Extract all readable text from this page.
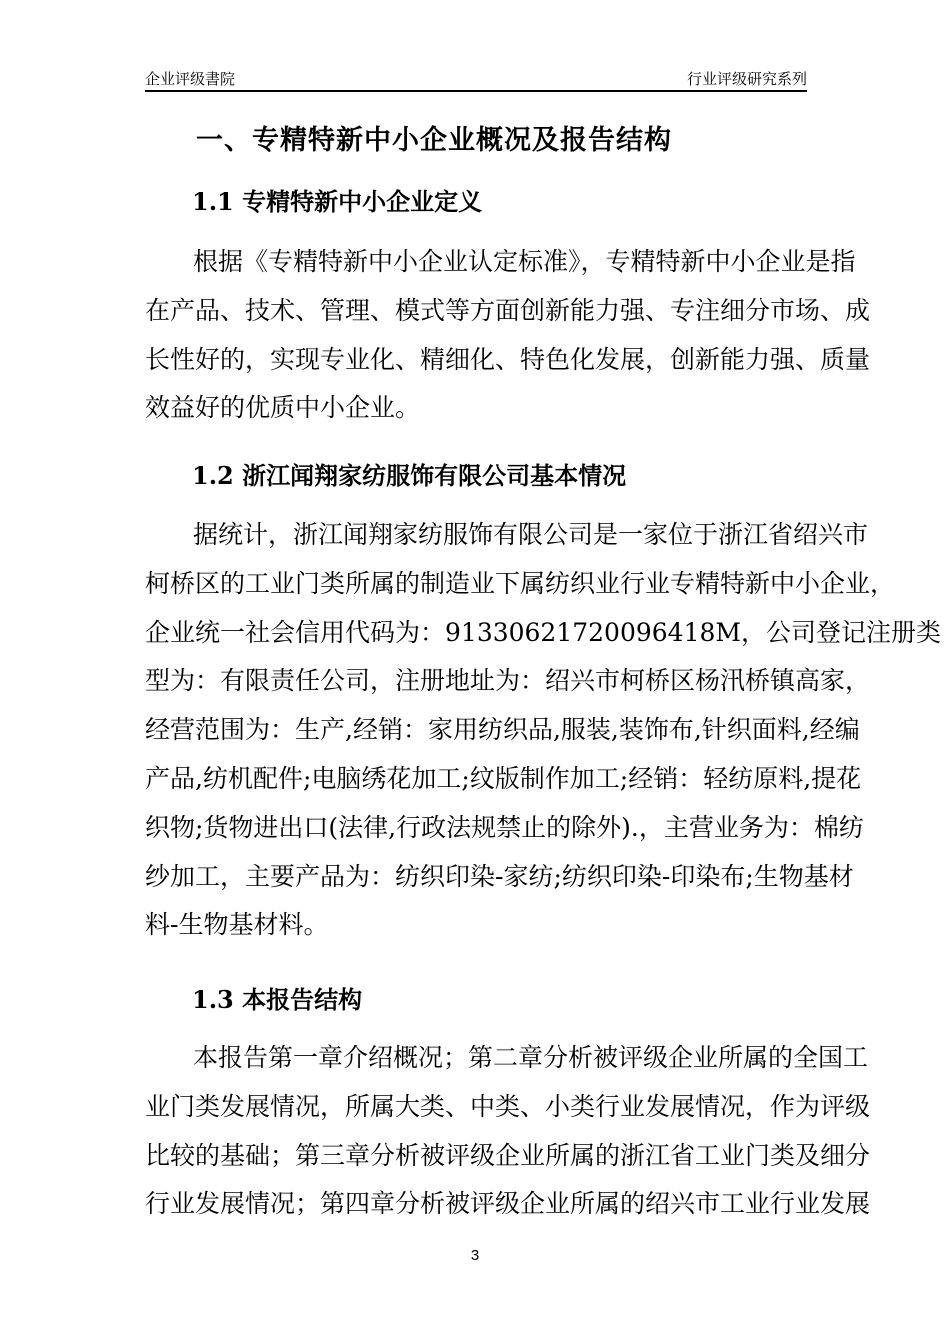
企业评级書院	行业评级研究系列
一、专精特新中小企业概况及报告结构
1.1 专精特新中小企业定义
根据《专精特新中小企业认定标准》，专精特新中小企业是指
在产品、技术、管理、模式等方面创新能力强、专注细分市场、成
长性好的，实现专业化、精细化、特色化发展，创新能力强、质量
效益好的优质中小企业。
1.2 浙江闻翔家纺服饰有限公司基本情况
据统计，浙江闻翔家纺服饰有限公司是一家位于浙江省绍兴市
柯桥区的工业门类所属的制造业下属纺织业行业专精特新中小企业，
企业统一社会信用代码为：91330621720096418M，公司登记注册类
型为：有限责任公司，注册地址为：绍兴市柯桥区杨汛桥镇高家，
经营范围为：生产,经销：家用纺织品,服装,装饰布,针织面料,经编
产品,纺机配件;电脑绣花加工;纹版制作加工;经销：轻纺原料,提花
织物;货物进出口(法律,行政法规禁止的除外).，主营业务为：棉纺
纱加工，主要产品为：纺织印染-家纺;纺织印染-印染布;生物基材
料-生物基材料。
1.3 本报告结构
本报告第一章介绍概况；第二章分析被评级企业所属的全国工
业门类发展情况，所属大类、中类、小类行业发展情况，作为评级
比较的基础；第三章分析被评级企业所属的浙江省工业门类及细分
行业发展情况；第四章分析被评级企业所属的绍兴市工业行业发展
3
